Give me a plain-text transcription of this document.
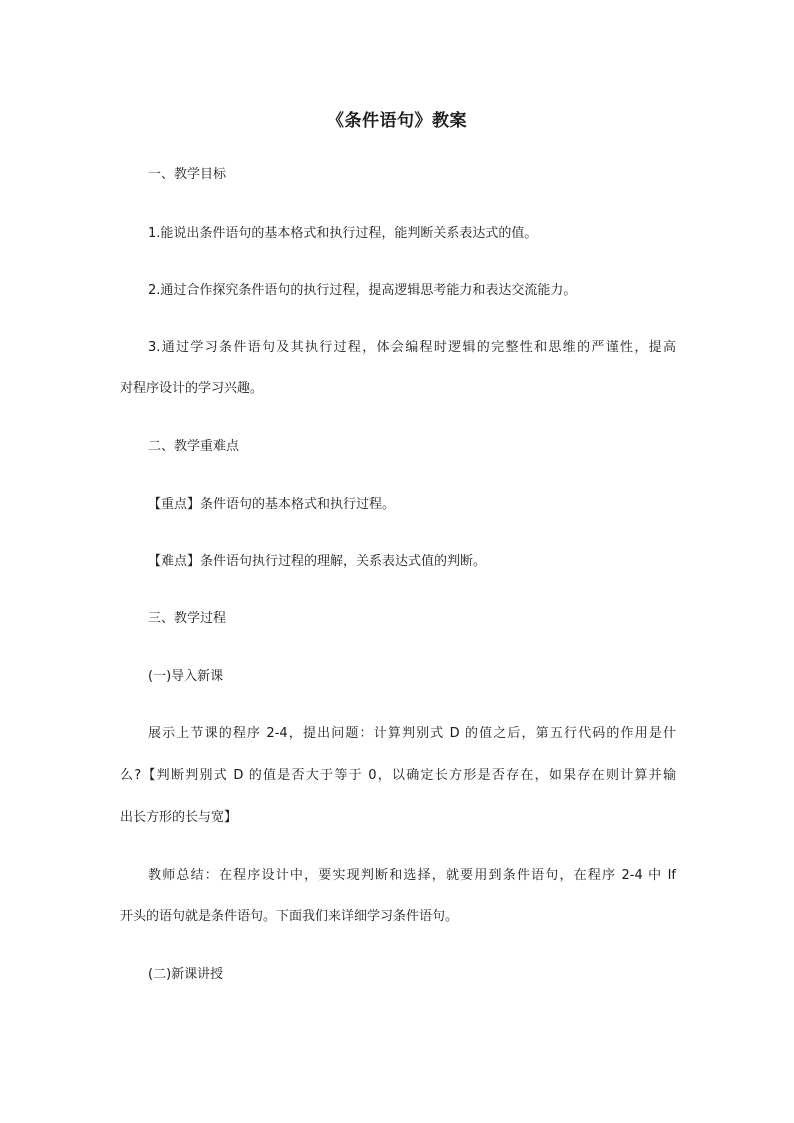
《条件语句》教案
一、教学目标
1.能说出条件语句的基本格式和执行过程，能判断关系表达式的值。
2.通过合作探究条件语句的执行过程，提高逻辑思考能力和表达交流能力。
3.通过学习条件语句及其执行过程，体会编程时逻辑的完整性和思维的严谨性，提高
对程序设计的学习兴趣。
二、教学重难点
【重点】条件语句的基本格式和执行过程。
【难点】条件语句执行过程的理解，关系表达式值的判断。
三、教学过程
(一)导入新课
展示上节课的程序 2-4，提出问题：计算判别式 D 的值之后，第五行代码的作用是什
么?【判断判别式 D 的值是否大于等于 0，以确定长方形是否存在，如果存在则计算并输
出长方形的长与宽】
教师总结：在程序设计中，要实现判断和选择，就要用到条件语句，在程序 2-4 中 If
开头的语句就是条件语句。下面我们来详细学习条件语句。
(二)新课讲授
